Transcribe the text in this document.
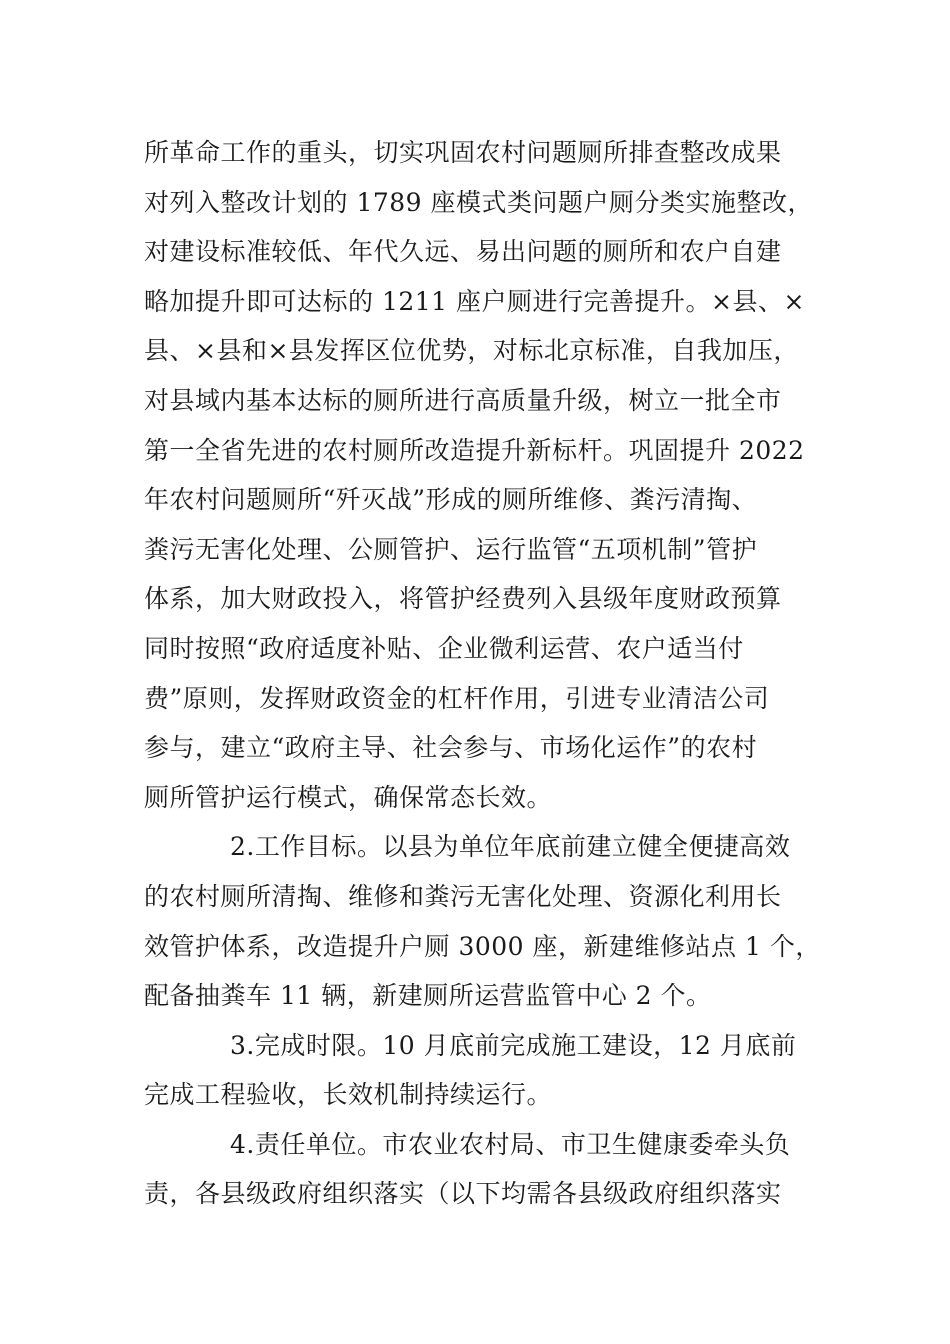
所革命工作的重头，切实巩固农村问题厕所排查整改成果
对列入整改计划的 1789 座模式类问题户厕分类实施整改，
对建设标准较低、年代久远、易出问题的厕所和农户自建
略加提升即可达标的 1211 座户厕进行完善提升。×县、×
县、×县和×县发挥区位优势，对标北京标准，自我加压，
对县域内基本达标的厕所进行高质量升级，树立一批全市
第一全省先进的农村厕所改造提升新标杆。巩固提升 2022
年农村问题厕所“歼灭战”形成的厕所维修、粪污清掏、
粪污无害化处理、公厕管护、运行监管“五项机制”管护
体系，加大财政投入，将管护经费列入县级年度财政预算
同时按照“政府适度补贴、企业微利运营、农户适当付
费”原则，发挥财政资金的杠杆作用，引进专业清洁公司
参与，建立“政府主导、社会参与、市场化运作”的农村
厕所管护运行模式，确保常态长效。
2.工作目标。以县为单位年底前建立健全便捷高效
的农村厕所清掏、维修和粪污无害化处理、资源化利用长
效管护体系，改造提升户厕 3000 座，新建维修站点 1 个，
配备抽粪车 11 辆，新建厕所运营监管中心 2 个。
3.完成时限。10 月底前完成施工建设，12 月底前
完成工程验收，长效机制持续运行。
4.责任单位。市农业农村局、市卫生健康委牵头负
责，各县级政府组织落实（以下均需各县级政府组织落实
